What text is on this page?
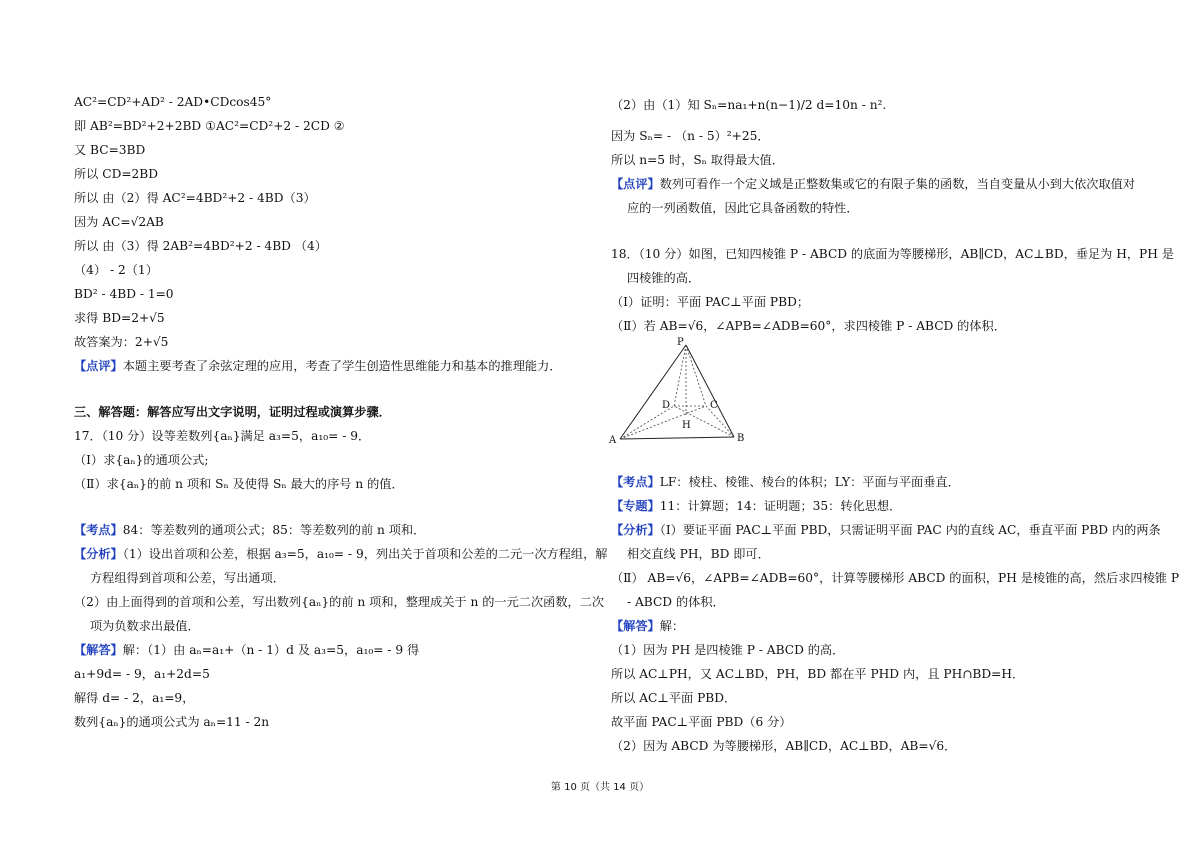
AC²=CD²+AD² - 2AD•CDcos45°
即 AB²=BD²+2+2BD ①AC²=CD²+2 - 2CD ②
又 BC=3BD
所以 CD=2BD
所以 由（2）得 AC²=4BD²+2 - 4BD（3）
因为 AC=√2AB
所以 由（3）得 2AB²=4BD²+2 - 4BD （4）
（4） - 2（1）
BD² - 4BD - 1=0
求得 BD=2+√5
故答案为：2+√5
【点评】本题主要考查了余弦定理的应用，考查了学生创造性思维能力和基本的推理能力．
三、解答题：解答应写出文字说明，证明过程或演算步骤．
17．（10 分）设等差数列{aₙ}满足 a₃=5，a₁₀= - 9．
（Ⅰ）求{aₙ}的通项公式;
（Ⅱ）求{aₙ}的前 n 项和 Sₙ 及使得 Sₙ 最大的序号 n 的值．
【考点】84：等差数列的通项公式；85：等差数列的前 n 项和．
【分析】（1）设出首项和公差，根据 a₃=5，a₁₀= - 9，列出关于首项和公差的二元一次方程组，解
方程组得到首项和公差，写出通项．
（2）由上面得到的首项和公差，写出数列{aₙ}的前 n 项和，整理成关于 n 的一元二次函数，二次
项为负数求出最值．
【解答】解：（1）由 aₙ=a₁+（n - 1）d 及 a₃=5，a₁₀= - 9 得
a₁+9d= - 9，a₁+2d=5
解得 d= - 2，a₁=9，
数列{aₙ}的通项公式为 aₙ=11 - 2n
（2）由（1）知 Sₙ=na₁+n(n−1)/2 d=10n - n².
因为 Sₙ= - （n - 5）²+25．
所以 n=5 时，Sₙ 取得最大值．
【点评】数列可看作一个定义域是正整数集或它的有限子集的函数，当自变量从小到大依次取值对
应的一列函数值，因此它具备函数的特性．
18．（10 分）如图，已知四棱锥 P - ABCD 的底面为等腰梯形，AB∥CD，AC⊥BD，垂足为 H，PH 是
四棱锥的高．
（Ⅰ）证明：平面 PAC⊥平面 PBD；
（Ⅱ）若 AB=√6，∠APB=∠ADB=60°，求四棱锥 P - ABCD 的体积．
P
A	B
C
D
H
【考点】LF：棱柱、棱锥、棱台的体积；LY：平面与平面垂直．
【专题】11：计算题；14：证明题；35：转化思想．
【分析】（Ⅰ）要证平面 PAC⊥平面 PBD，只需证明平面 PAC 内的直线 AC，垂直平面 PBD 内的两条
相交直线 PH，BD 即可．
（Ⅱ） AB=√6，∠APB=∠ADB=60°，计算等腰梯形 ABCD 的面积，PH 是棱锥的高，然后求四棱锥 P
- ABCD 的体积．
【解答】解：
（1）因为 PH 是四棱锥 P - ABCD 的高．
所以 AC⊥PH，又 AC⊥BD，PH，BD 都在平 PHD 内，且 PH∩BD=H．
所以 AC⊥平面 PBD．
故平面 PAC⊥平面 PBD（6 分）
（2）因为 ABCD 为等腰梯形，AB∥CD，AC⊥BD，AB=√6．
第 10 页（共 14 页）
